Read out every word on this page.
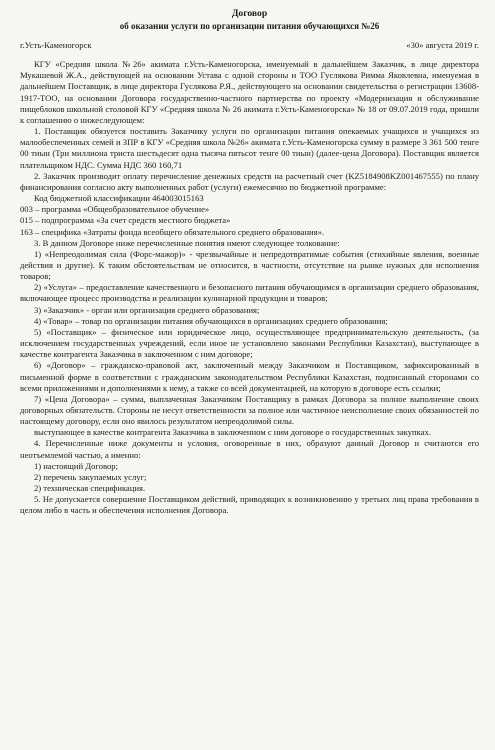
Договор

об оказании услуги по организации питания обучающихся №26

г.Усть-Каменогорск	«30» августа 2019 г.

КГУ «Средняя школа №26» акимата г.Усть-Каменогорска, именуемый в дальнейшем Заказчик, в лице директора Мукашевой Ж.А., действующей на основании Устава с одной стороны и ТОО Гуслякова Римма Яковлевна, именуемая в дальнейшем Поставщик, в лице директора Гуслякова Р.Я., действующего на основании свидетельства о регистрации 13608-1917-ТОО, на основании Договора государственно-частного партнерства по проекту «Модернизация и обслуживание пищеблоков школьной столовой КГУ «Средняя школа № 26 акимата г.Усть-Каменогорска» № 18 от 09.07.2019 года, пришли к соглашению о нижеследующем:

1. Поставщик обязуется поставить Заказчику услуги по организации питания опекаемых учащихся и учащихся из малообеспеченных семей и ЗПР в КГУ «Средняя школа №26» акимата г.Усть-Каменогорска сумму в размере 3 361 500 тенге 00 тиын (Три миллиона триста шестьдесят одна тысяча пятьсот тенге 00 тиын) (далее-цена Договора). Поставщик является плательщиком НДС. Сумма НДС 360 160,71

2. Заказчик производит оплату перечисление денежных средств на расчетный счет (KZ5184908KZ001467555) по плану финансирования согласно акту выполненных работ (услуги) ежемесячно по бюджетной программе:

Код бюджетной классификации 464003015163

003 – программа «Общеобразовательное обучение»

015 – подпрограмма «За счет средств местного бюджета»

163 – специфика «Затраты фонда всеобщего обязательного среднего образования».

3. В данном Договоре ниже перечисленные понятия имеют следующее толкование:

1) «Непреодолимая сила (Форс-мажор)» - чрезвычайные и непредотвратимые события (стихийные явления, военные действия и другие). К таким обстоятельствам не относится, в частности, отсутствие на рынке нужных для исполнения товаров;

2) «Услуга» – предоставление качественного и безопасного питания обучающимся в организации среднего образования, включающее процесс производства и реализации кулинарной продукции и товаров;

3) «Заказчик» - орган или организация среднего образования;

4) «Товар» – товар по организации питания обучающихся в организациях среднего образования;

5) «Поставщик» – физическое или юридическое лицо, осуществляющее предпринимательскую деятельность, (за исключением государственных учреждений, если иное не установлено законами Республики Казахстан), выступающее в качестве контрагента Заказчика в заключенном с ним договоре;

6) «Договор» – гражданско-правовой акт, заключенный между Заказчиком и Поставщиком, зафиксированный в письменной форме в соответствии с гражданским законодательством Республики Казахстан, подписанный сторонами со всеми приложениями и дополнениями к нему, а также со всей документацией, на которую в договоре есть ссылки;

7) «Цена Договора» – сумма, выплаченная Заказчиком Поставщику в рамках Договора за полное выполнение своих договорных обязательств. Стороны не несут ответственности за полное или частичное неисполнение своих обязанностей по настоящему договору, если оно явилось результатом непреодолимой силы.

выступающее в качестве контрагента Заказчика в заключенном с ним договоре о государственных закупках.

4. Перечисленные ниже документы и условия, оговоренные в них, образуют данный Договор и считаются его неотъемлемой частью, а именно:

1) настоящий Договор;

2) перечень закупаемых услуг;

2) техническая спецификация.

5. Не допускается совершение Поставщиком действий, приводящих к возникновению у третьих лиц права требования в целом либо в часть и обеспечения исполнения Договора.
